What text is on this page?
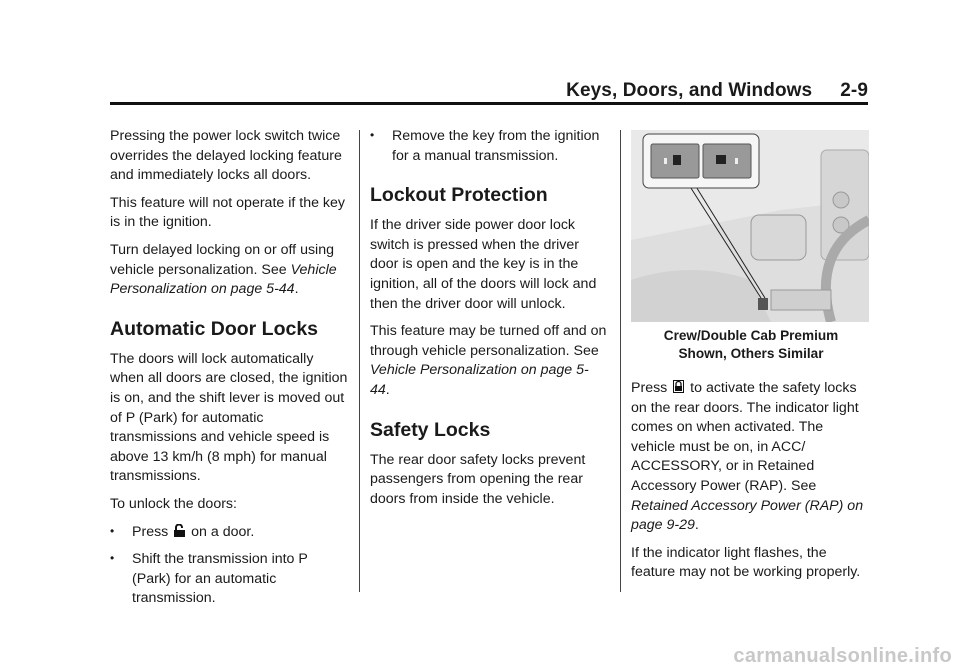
Keys, Doors, and Windows 2-9

Pressing the power lock switch twice overrides the delayed locking feature and immediately locks all doors.

This feature will not operate if the key is in the ignition.

Turn delayed locking on or off using vehicle personalization. See Vehicle Personalization on page 5-44.

Automatic Door Locks

The doors will lock automatically when all doors are closed, the ignition is on, and the shift lever is moved out of P (Park) for automatic transmissions and vehicle speed is above 13 km/h (8 mph) for manual transmissions.

To unlock the doors:

• Press on a door.
• Shift the transmission into P (Park) for an automatic transmission.
• Remove the key from the ignition for a manual transmission.
Lockout Protection

If the driver side power door lock switch is pressed when the driver door is open and the key is in the ignition, all of the doors will lock and then the driver door will unlock.

This feature may be turned off and on through vehicle personalization. See Vehicle Personalization on page 5-44.

Safety Locks

The rear door safety locks prevent passengers from opening the rear doors from inside the vehicle.

Crew/Double Cab Premium
Shown, Others Similar

Press to activate the safety locks on the rear doors. The indicator light comes on when activated. The vehicle must be on, in ACC/ ACCESSORY, or in Retained Accessory Power (RAP). See Retained Accessory Power (RAP) on page 9-29.

If the indicator light flashes, the feature may not be working properly.

carmanualsonline.info
